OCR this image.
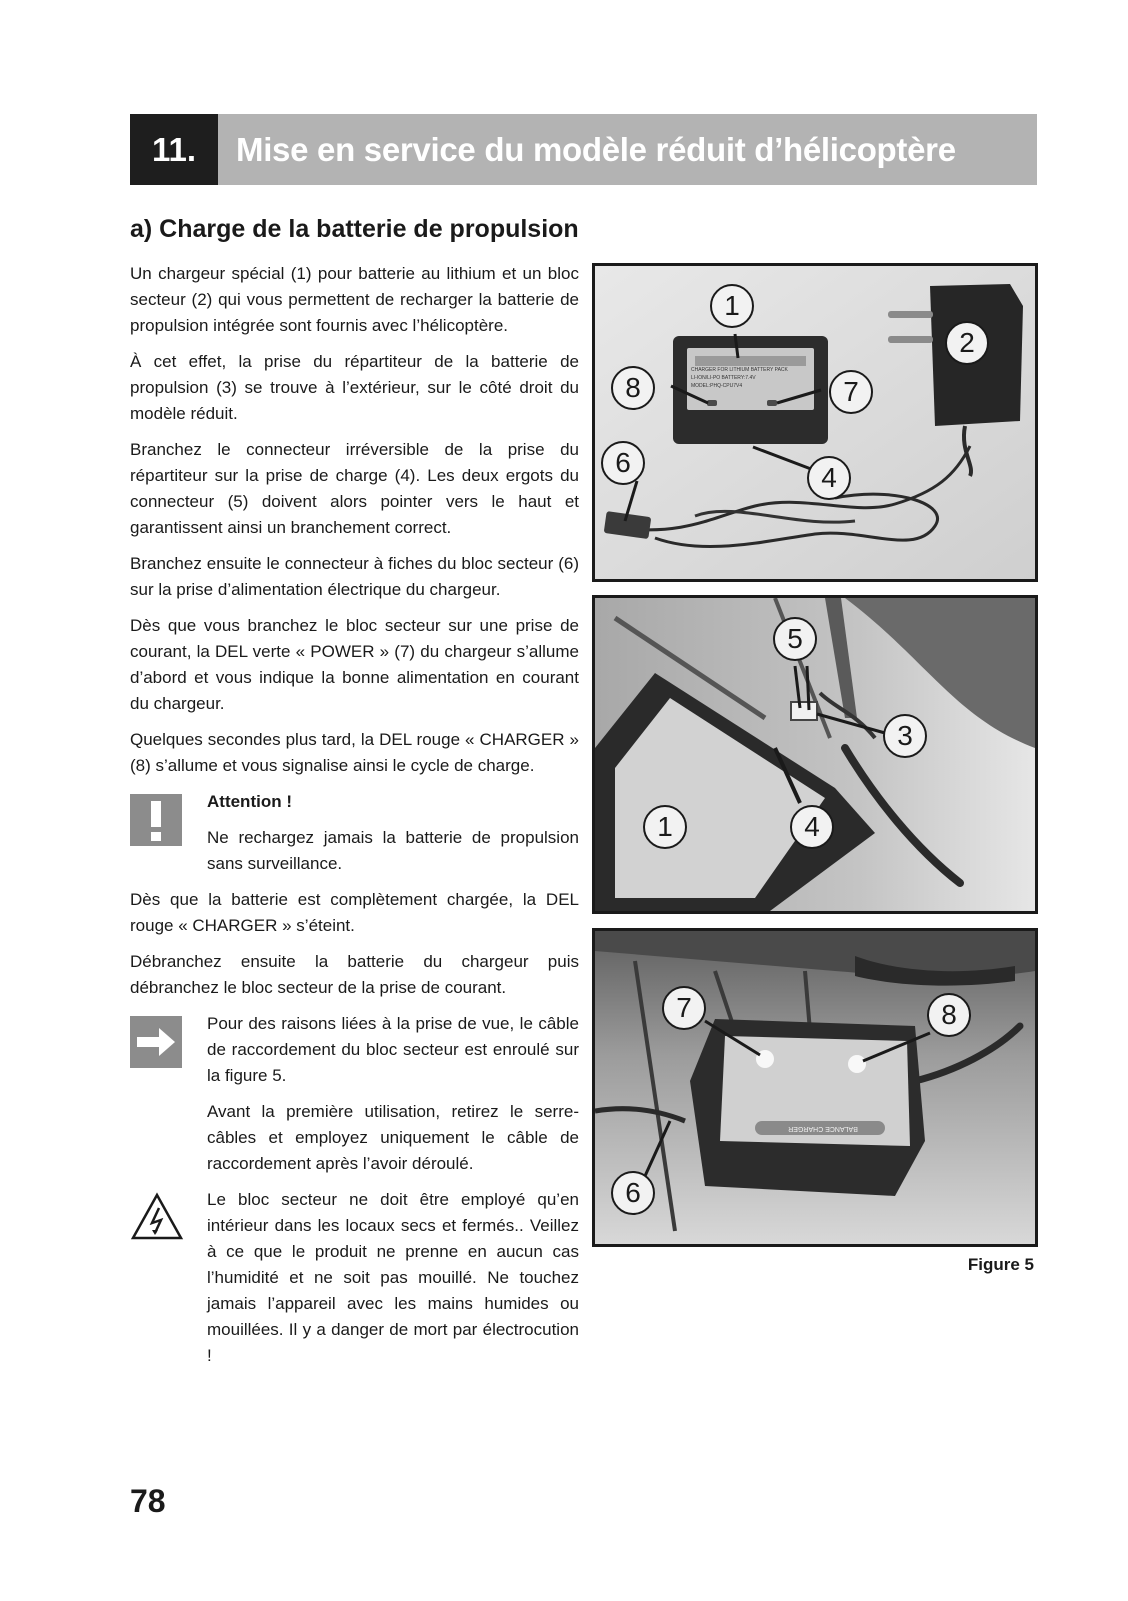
11.	Mise en service du modèle réduit d’hélicoptère
a) Charge de la batterie de propulsion

Un chargeur spécial (1) pour batterie au lithium et un bloc secteur (2) qui vous permettent de recharger la batterie de propulsion intégrée sont fournis avec l’hélicoptère.

À cet effet, la prise du répartiteur de la batterie de propulsion (3) se trouve à l’extérieur, sur le côté droit du modèle réduit.

Branchez le connecteur irréversible de la prise du répartiteur sur la prise de charge (4). Les deux ergots du connecteur (5) doivent alors pointer vers le haut et garantissent ainsi un branchement correct.

Branchez ensuite le connecteur à fiches du bloc secteur (6) sur la prise d’alimentation électrique du chargeur.

Dès que vous branchez le bloc secteur sur une prise de courant, la DEL verte « POWER » (7) du chargeur s’allume d’abord et vous indique la bonne alimentation en courant du chargeur.

Quelques secondes plus tard, la DEL rouge « CHARGER » (8) s’allume et vous signalise ainsi le cycle de charge.

Attention !

Ne rechargez jamais la batterie de propulsion sans surveillance.

Dès que la batterie est complètement chargée, la DEL rouge « CHARGER » s’éteint.

Débranchez ensuite la batterie du chargeur puis débranchez le bloc secteur de la prise de courant.

Pour des raisons liées à la prise de vue, le câble de raccordement du bloc secteur est enroulé sur la figure 5.

Avant la première utilisation, retirez le serre-câbles et employez uniquement le câble de raccordement après l’avoir déroulé.

Le bloc secteur ne doit être employé qu’en intérieur dans les locaux secs et fermés.. Veillez à ce que le produit ne prenne en aucun cas l’humidité et ne soit pas mouillé. Ne touchez jamais l’appareil avec les mains humides ou mouillées. Il y a danger de mort par électrocution !

CHARGER FOR LITHIUM BATTERY PACK
LI-ION/LI-PO BATTERY:7.4V
MODEL:PHQ-CPU7V4
1
2
8	7
6	4
5
3
1	4
BALANCE CHARGER
7	8
6
Figure 5
78
